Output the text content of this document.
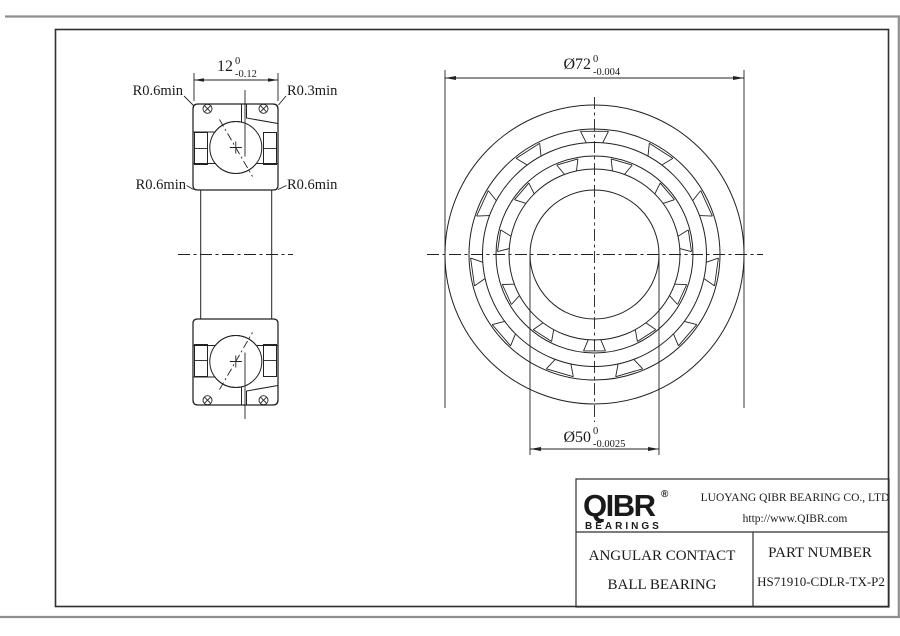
12 0
-0.12
R0.6min	R0.3min
R0.6min	R0.6min
Ø72 0
-0.004
Ø50 0
-0.0025
QIBR ®
BEARINGS
LUOYANG QIBR BEARING CO., LTD
http://www.QIBR.com
ANGULAR CONTACT
BALL BEARING
PART NUMBER
HS71910-CDLR-TX-P2
